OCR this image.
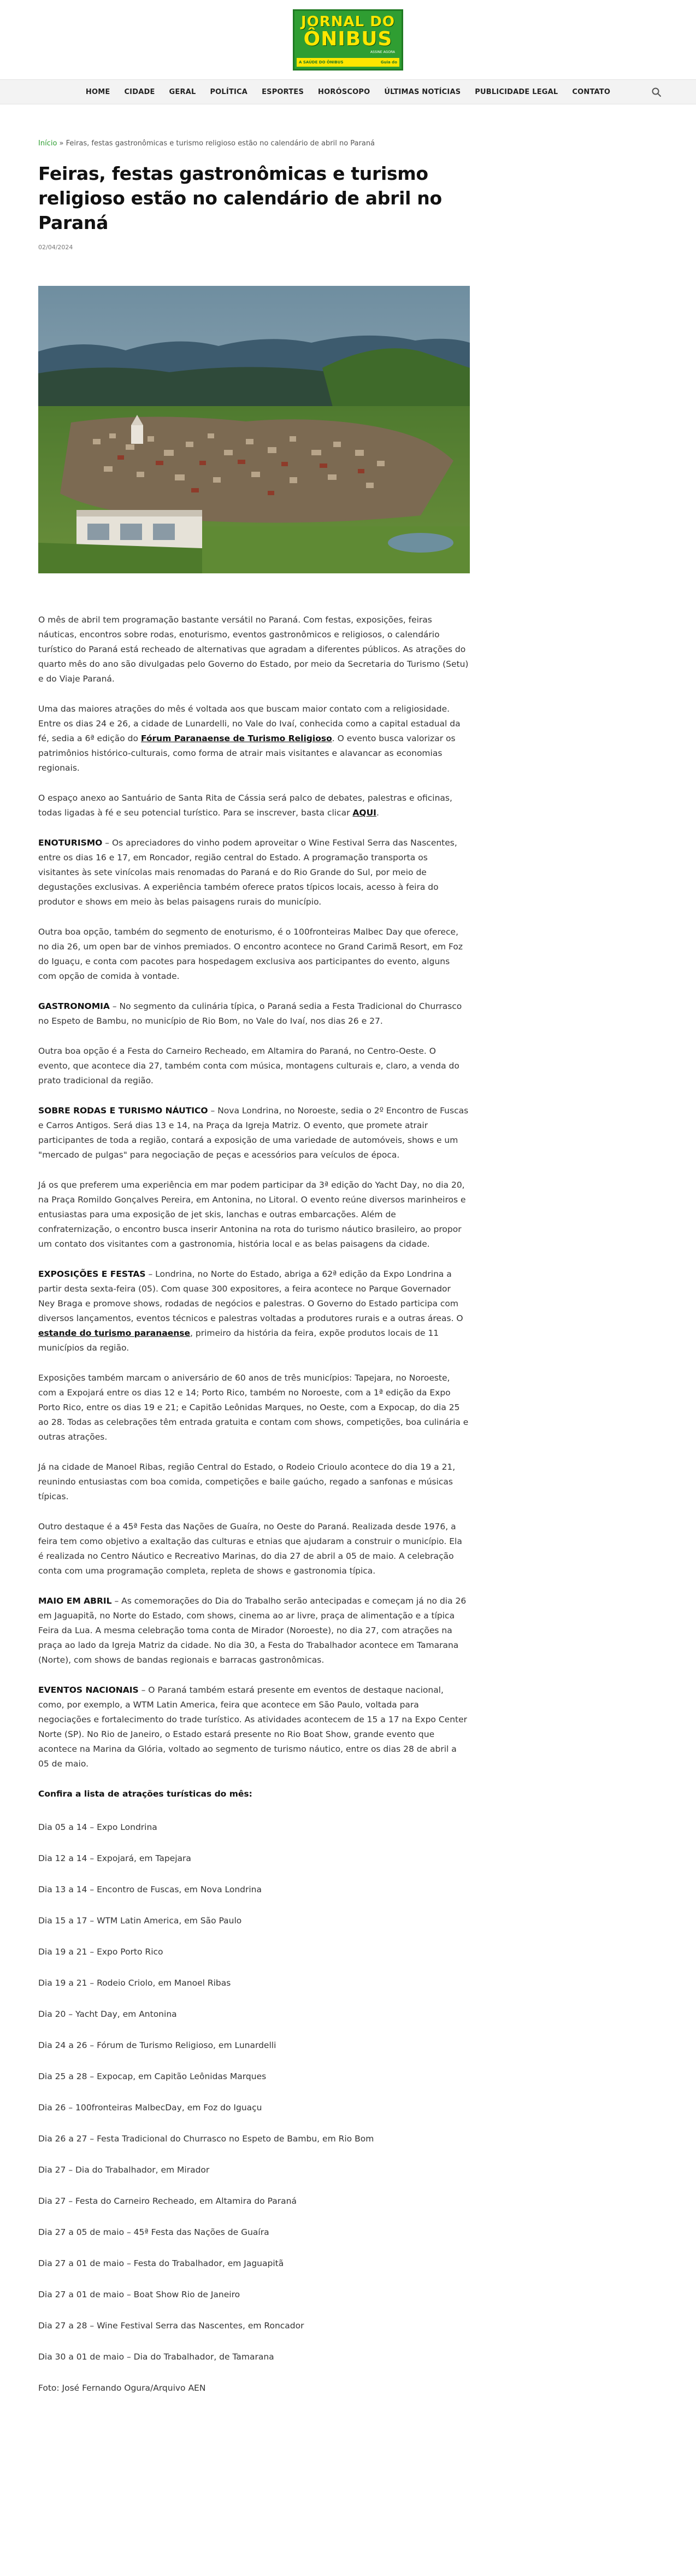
JORNAL DO
ÔNIBUS
ASSINE AGORA
A SAÚDE DO ÔNIBUS	Guia do
HOME	CIDADE	GERAL	POLÍTICA	ESPORTES	HORÓSCOPO	ÚLTIMAS NOTÍCIAS	PUBLICIDADE LEGAL	CONTATO
Início » Feiras, festas gastronômicas e turismo religioso estão no calendário de abril no Paraná
Feiras, festas gastronômicas e turismo religioso estão no calendário de abril no Paraná
02/04/2024

O mês de abril tem programação bastante versátil no Paraná. Com festas, exposições, feiras náuticas, encontros sobre rodas, enoturismo, eventos gastronômicos e religiosos, o calendário turístico do Paraná está recheado de alternativas que agradam a diferentes públicos. As atrações do quarto mês do ano são divulgadas pelo Governo do Estado, por meio da Secretaria do Turismo (Setu) e do Viaje Paraná.

Uma das maiores atrações do mês é voltada aos que buscam maior contato com a religiosidade. Entre os dias 24 e 26, a cidade de Lunardelli, no Vale do Ivaí, conhecida como a capital estadual da fé, sedia a 6ª edição do Fórum Paranaense de Turismo Religioso. O evento busca valorizar os patrimônios histórico-culturais, como forma de atrair mais visitantes e alavancar as economias regionais.

O espaço anexo ao Santuário de Santa Rita de Cássia será palco de debates, palestras e oficinas, todas ligadas à fé e seu potencial turístico. Para se inscrever, basta clicar AQUI.

ENOTURISMO – Os apreciadores do vinho podem aproveitar o Wine Festival Serra das Nascentes, entre os dias 16 e 17, em Roncador, região central do Estado. A programação transporta os visitantes às sete vinícolas mais renomadas do Paraná e do Rio Grande do Sul, por meio de degustações exclusivas. A experiência também oferece pratos típicos locais, acesso à feira do produtor e shows em meio às belas paisagens rurais do município.

Outra boa opção, também do segmento de enoturismo, é o 100fronteiras Malbec Day que oferece, no dia 26, um open bar de vinhos premiados. O encontro acontece no Grand Carimã Resort, em Foz do Iguaçu, e conta com pacotes para hospedagem exclusiva aos participantes do evento, alguns com opção de comida à vontade.

GASTRONOMIA – No segmento da culinária típica, o Paraná sedia a Festa Tradicional do Churrasco no Espeto de Bambu, no município de Rio Bom, no Vale do Ivaí, nos dias 26 e 27.

Outra boa opção é a Festa do Carneiro Recheado, em Altamira do Paraná, no Centro-Oeste. O evento, que acontece dia 27, também conta com música, montagens culturais e, claro, a venda do prato tradicional da região.

SOBRE RODAS E TURISMO NÁUTICO – Nova Londrina, no Noroeste, sedia o 2º Encontro de Fuscas e Carros Antigos. Será dias 13 e 14, na Praça da Igreja Matriz. O evento, que promete atrair participantes de toda a região, contará a exposição de uma variedade de automóveis, shows e um "mercado de pulgas" para negociação de peças e acessórios para veículos de época.

Já os que preferem uma experiência em mar podem participar da 3ª edição do Yacht Day, no dia 20, na Praça Romildo Gonçalves Pereira, em Antonina, no Litoral. O evento reúne diversos marinheiros e entusiastas para uma exposição de jet skis, lanchas e outras embarcações. Além de confraternização, o encontro busca inserir Antonina na rota do turismo náutico brasileiro, ao propor um contato dos visitantes com a gastronomia, história local e as belas paisagens da cidade.

EXPOSIÇÕES E FESTAS – Londrina, no Norte do Estado, abriga a 62ª edição da Expo Londrina a partir desta sexta-feira (05). Com quase 300 expositores, a feira acontece no Parque Governador Ney Braga e promove shows, rodadas de negócios e palestras. O Governo do Estado participa com diversos lançamentos, eventos técnicos e palestras voltadas a produtores rurais e a outras áreas. O estande do turismo paranaense, primeiro da história da feira, expõe produtos locais de 11 municípios da região.

Exposições também marcam o aniversário de 60 anos de três municípios: Tapejara, no Noroeste, com a Expojará entre os dias 12 e 14; Porto Rico, também no Noroeste, com a 1ª edição da Expo Porto Rico, entre os dias 19 e 21; e Capitão Leônidas Marques, no Oeste, com a Expocap, do dia 25 ao 28. Todas as celebrações têm entrada gratuita e contam com shows, competições, boa culinária e outras atrações.

Já na cidade de Manoel Ribas, região Central do Estado, o Rodeio Crioulo acontece do dia 19 a 21, reunindo entusiastas com boa comida, competições e baile gaúcho, regado a sanfonas e músicas típicas.

Outro destaque é a 45ª Festa das Nações de Guaíra, no Oeste do Paraná. Realizada desde 1976, a feira tem como objetivo a exaltação das culturas e etnias que ajudaram a construir o município. Ela é realizada no Centro Náutico e Recreativo Marinas, do dia 27 de abril a 05 de maio. A celebração conta com uma programação completa, repleta de shows e gastronomia típica.

MAIO EM ABRIL – As comemorações do Dia do Trabalho serão antecipadas e começam já no dia 26 em Jaguapitã, no Norte do Estado, com shows, cinema ao ar livre, praça de alimentação e a típica Feira da Lua. A mesma celebração toma conta de Mirador (Noroeste), no dia 27, com atrações na praça ao lado da Igreja Matriz da cidade. No dia 30, a Festa do Trabalhador acontece em Tamarana (Norte), com shows de bandas regionais e barracas gastronômicas.

EVENTOS NACIONAIS – O Paraná também estará presente em eventos de destaque nacional, como, por exemplo, a WTM Latin America, feira que acontece em São Paulo, voltada para negociações e fortalecimento do trade turístico. As atividades acontecem de 15 a 17 na Expo Center Norte (SP). No Rio de Janeiro, o Estado estará presente no Rio Boat Show, grande evento que acontece na Marina da Glória, voltado ao segmento de turismo náutico, entre os dias 28 de abril a 05 de maio.

Confira a lista de atrações turísticas do mês:

Dia 05 a 14 – Expo Londrina

Dia 12 a 14 – Expojará, em Tapejara

Dia 13 a 14 – Encontro de Fuscas, em Nova Londrina

Dia 15 a 17 – WTM Latin America, em São Paulo

Dia 19 a 21 – Expo Porto Rico

Dia 19 a 21 – Rodeio Criolo, em Manoel Ribas

Dia 20 – Yacht Day, em Antonina

Dia 24 a 26 – Fórum de Turismo Religioso, em Lunardelli

Dia 25 a 28 – Expocap, em Capitão Leônidas Marques

Dia 26 – 100fronteiras MalbecDay, em Foz do Iguaçu

Dia 26 a 27 – Festa Tradicional do Churrasco no Espeto de Bambu, em Rio Bom

Dia 27 – Dia do Trabalhador, em Mirador

Dia 27 – Festa do Carneiro Recheado, em Altamira do Paraná

Dia 27 a 05 de maio – 45ª Festa das Nações de Guaíra

Dia 27 a 01 de maio – Festa do Trabalhador, em Jaguapitã

Dia 27 a 01 de maio – Boat Show Rio de Janeiro

Dia 27 a 28 – Wine Festival Serra das Nascentes, em Roncador

Dia 30 a 01 de maio – Dia do Trabalhador, de Tamarana

Foto: José Fernando Ogura/Arquivo AEN
